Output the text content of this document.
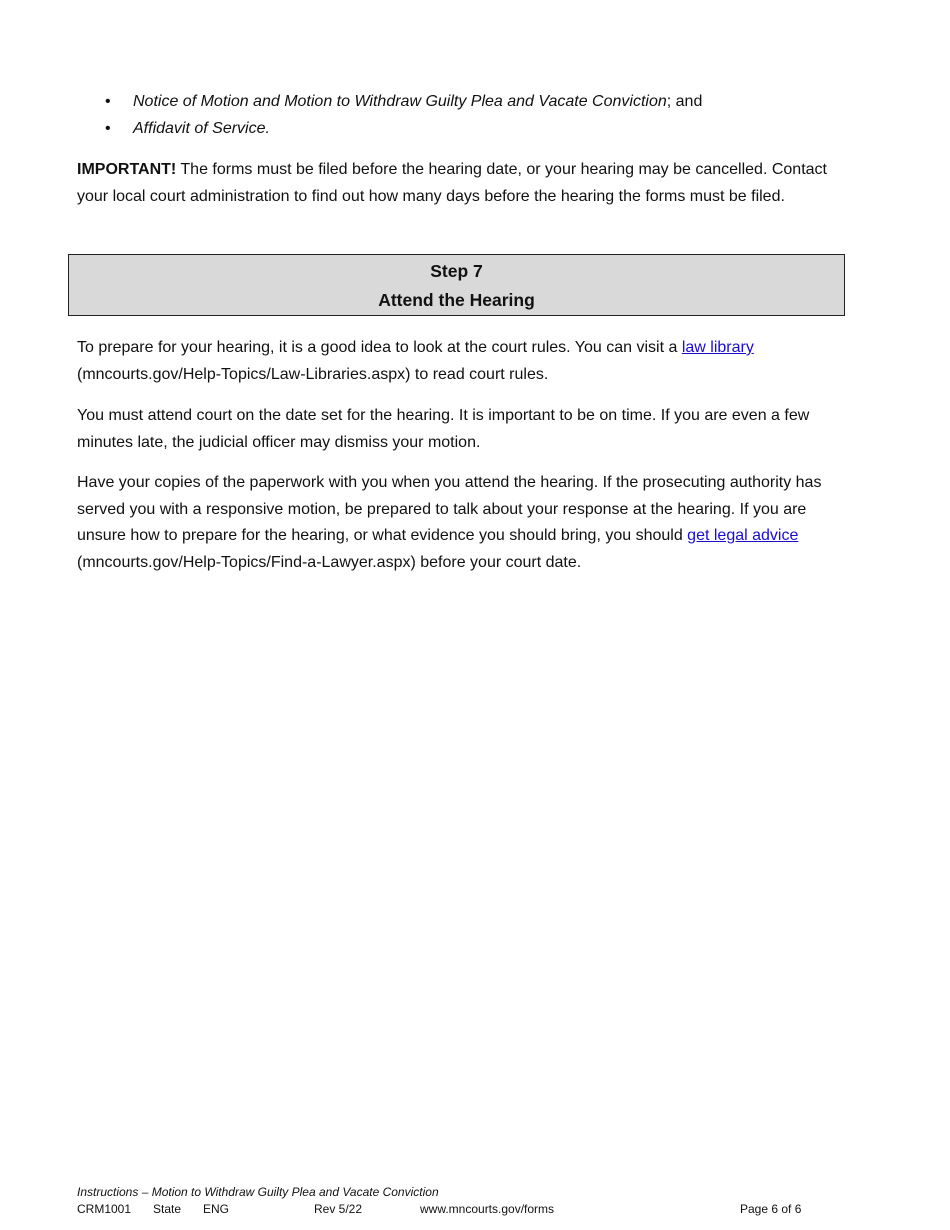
• Notice of Motion and Motion to Withdraw Guilty Plea and Vacate Conviction; and
• Affidavit of Service.

IMPORTANT! The forms must be filed before the hearing date, or your hearing may be cancelled. Contact your local court administration to find out how many days before the hearing the forms must be filed.

Step 7
Attend the Hearing

To prepare for your hearing, it is a good idea to look at the court rules. You can visit a law library (mncourts.gov/Help-Topics/Law-Libraries.aspx) to read court rules.

You must attend court on the date set for the hearing. It is important to be on time. If you are even a few minutes late, the judicial officer may dismiss your motion.

Have your copies of the paperwork with you when you attend the hearing. If the prosecuting authority has served you with a responsive motion, be prepared to talk about your response at the hearing. If you are unsure how to prepare for the hearing, or what evidence you should bring, you should get legal advice (mncourts.gov/Help-Topics/Find-a-Lawyer.aspx) before your court date.

Instructions – Motion to Withdraw Guilty Plea and Vacate Conviction
CRM1001 State ENG	Rev 5/22	www.mncourts.gov/forms	Page 6 of 6
